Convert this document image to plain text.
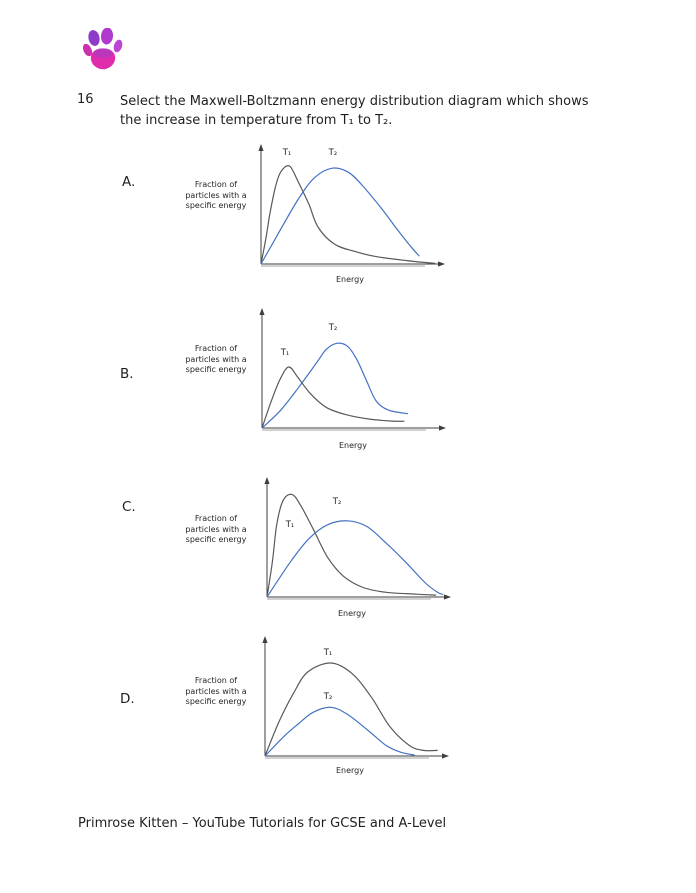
16 Select the Maxwell-Boltzmann energy distribution diagram which shows
the increase in temperature from T₁ to T₂.
A.	Fraction of
particles with a
specific energy
T₁	T₂
Energy
B.
Fraction of
particles with a
specific energy
T₁
T₂
Energy
C.
Fraction of
particles with a
specific energy
T₁
T₂
Energy
D.
Fraction of
particles with a
specific energy
T₁
T₂
Energy
Primrose Kitten – YouTube Tutorials for GCSE and A-Level
